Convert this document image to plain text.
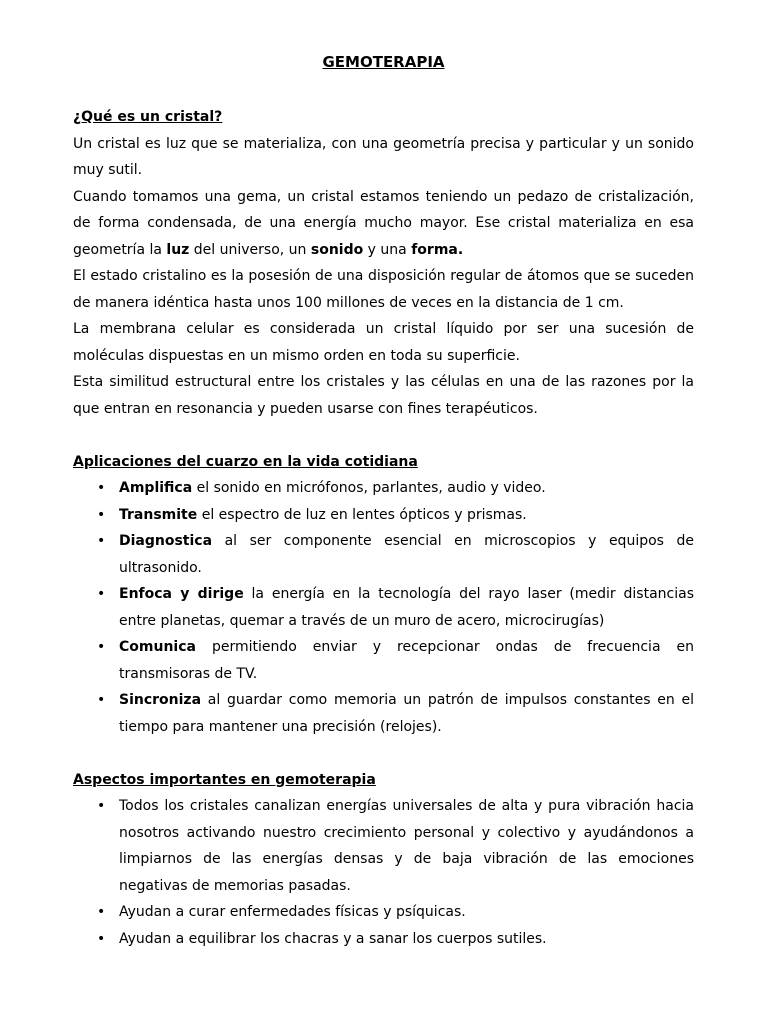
GEMOTERAPIA
¿Qué es un cristal?

Un cristal es luz que se materializa, con una geometría precisa y particular y un sonido muy sutil.

Cuando tomamos una gema, un cristal estamos teniendo un pedazo de cristalización, de forma condensada, de una energía mucho mayor. Ese cristal materializa en esa geometría la luz del universo, un sonido y una forma.

El estado cristalino es la posesión de una disposición regular de átomos que se suceden de manera idéntica hasta unos 100 millones de veces en la distancia de 1 cm.

La membrana celular es considerada un cristal líquido por ser una sucesión de moléculas dispuestas en un mismo orden en toda su superficie.

Esta similitud estructural entre los cristales y las células en una de las razones por la que entran en resonancia y pueden usarse con fines terapéuticos.

Aplicaciones del cuarzo en la vida cotidiana
• Amplifica el sonido en micrófonos, parlantes, audio y video.
• Transmite el espectro de luz en lentes ópticos y prismas.
• Diagnostica al ser componente esencial en microscopios y equipos de ultrasonido.
• Enfoca y dirige la energía en la tecnología del rayo laser (medir distancias entre planetas, quemar a través de un muro de acero, microcirugías)
• Comunica permitiendo enviar y recepcionar ondas de frecuencia en transmisoras de TV.
• Sincroniza al guardar como memoria un patrón de impulsos constantes en el tiempo para mantener una precisión (relojes).
Aspectos importantes en gemoterapia
• Todos los cristales canalizan energías universales de alta y pura vibración hacia nosotros activando nuestro crecimiento personal y colectivo y ayudándonos a limpiarnos de las energías densas y de baja vibración de las emociones negativas de memorias pasadas.
• Ayudan a curar enfermedades físicas y psíquicas.
• Ayudan a equilibrar los chacras y a sanar los cuerpos sutiles.
